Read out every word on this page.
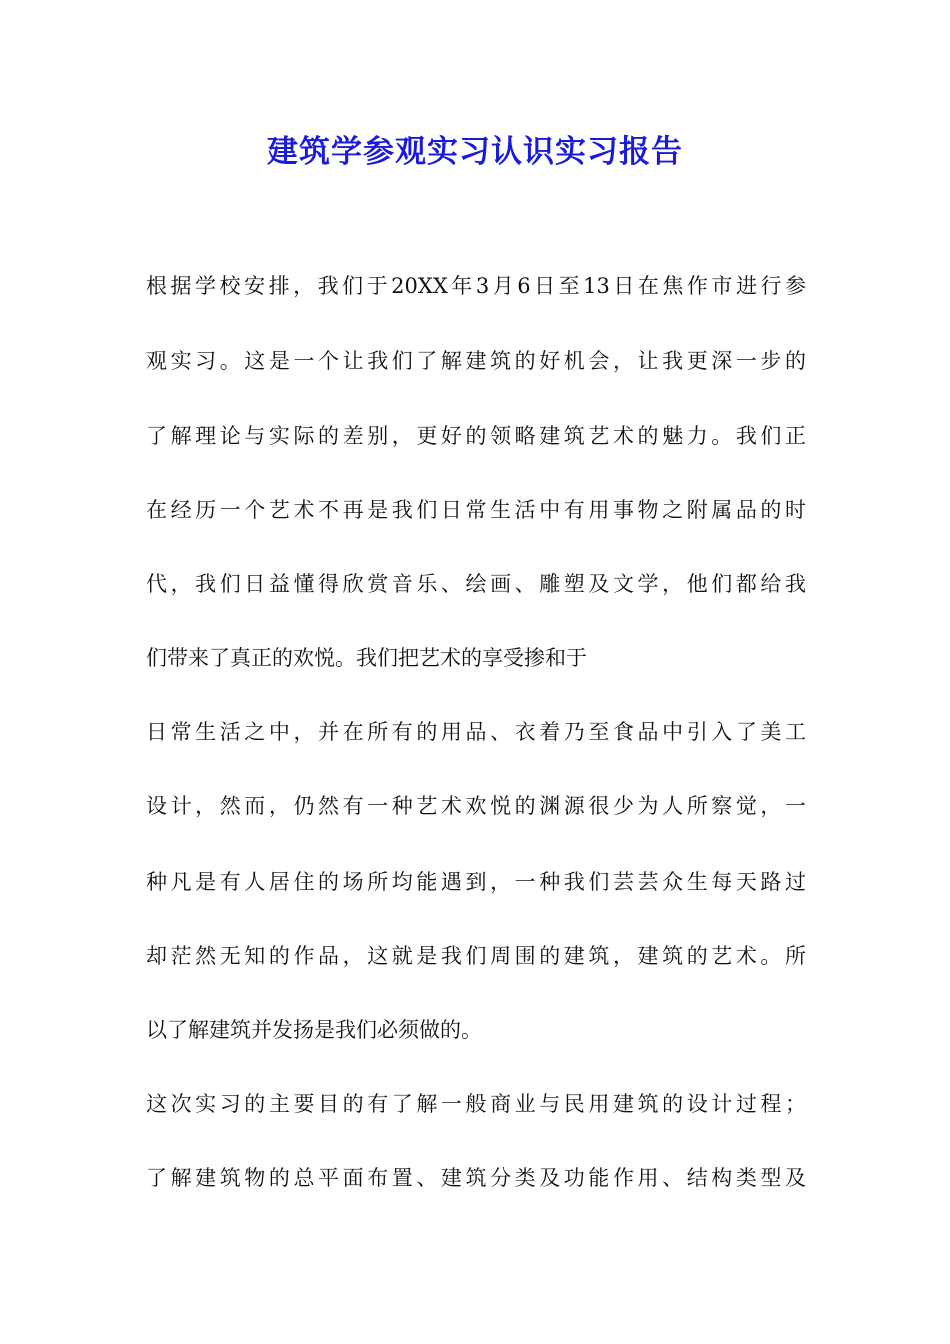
建筑学参观实习认识实习报告
根据学校安排，我们于20XX年3月6日至13日在焦作市进行参
观实习。这是一个让我们了解建筑的好机会，让我更深一步的
了解理论与实际的差别，更好的领略建筑艺术的魅力。我们正
在经历一个艺术不再是我们日常生活中有用事物之附属品的时
代，我们日益懂得欣赏音乐、绘画、雕塑及文学，他们都给我
们带来了真正的欢悦。我们把艺术的享受掺和于
日常生活之中，并在所有的用品、衣着乃至食品中引入了美工
设计，然而，仍然有一种艺术欢悦的渊源很少为人所察觉，一
种凡是有人居住的场所均能遇到，一种我们芸芸众生每天路过
却茫然无知的作品，这就是我们周围的建筑，建筑的艺术。所
以了解建筑并发扬是我们必须做的。
这次实习的主要目的有了解一般商业与民用建筑的设计过程；
了解建筑物的总平面布置、建筑分类及功能作用、结构类型及
